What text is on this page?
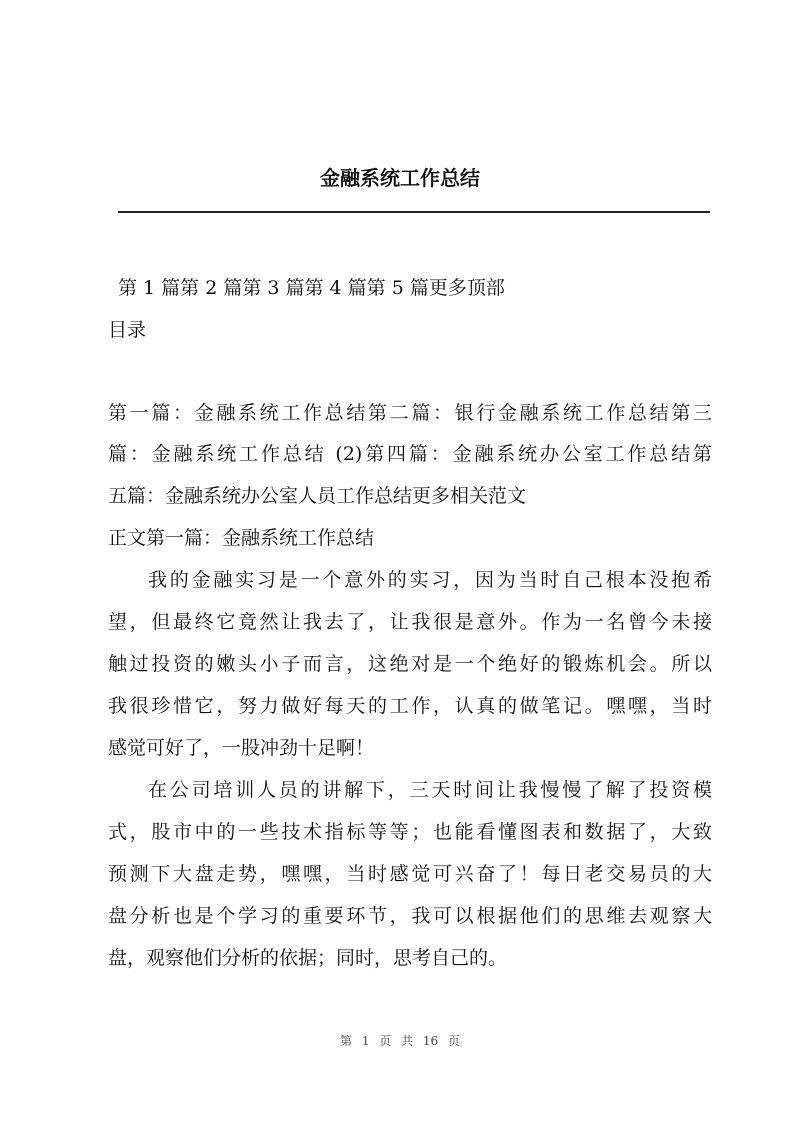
金融系统工作总结

第 1 篇第 2 篇第 3 篇第 4 篇第 5 篇更多顶部

目录

第一篇：金融系统工作总结第二篇：银行金融系统工作总结第三

篇：金融系统工作总结 (2)第四篇：金融系统办公室工作总结第

五篇：金融系统办公室人员工作总结更多相关范文

正文第一篇：金融系统工作总结

我的金融实习是一个意外的实习，因为当时自己根本没抱希

望，但最终它竟然让我去了，让我很是意外。作为一名曾今未接

触过投资的嫩头小子而言，这绝对是一个绝好的锻炼机会。所以

我很珍惜它，努力做好每天的工作，认真的做笔记。嘿嘿，当时

感觉可好了，一股冲劲十足啊！

在公司培训人员的讲解下，三天时间让我慢慢了解了投资模

式，股市中的一些技术指标等等；也能看懂图表和数据了，大致

预测下大盘走势，嘿嘿，当时感觉可兴奋了！每日老交易员的大

盘分析也是个学习的重要环节，我可以根据他们的思维去观察大

盘，观察他们分析的依据；同时，思考自己的。

第 1 页 共 16 页
